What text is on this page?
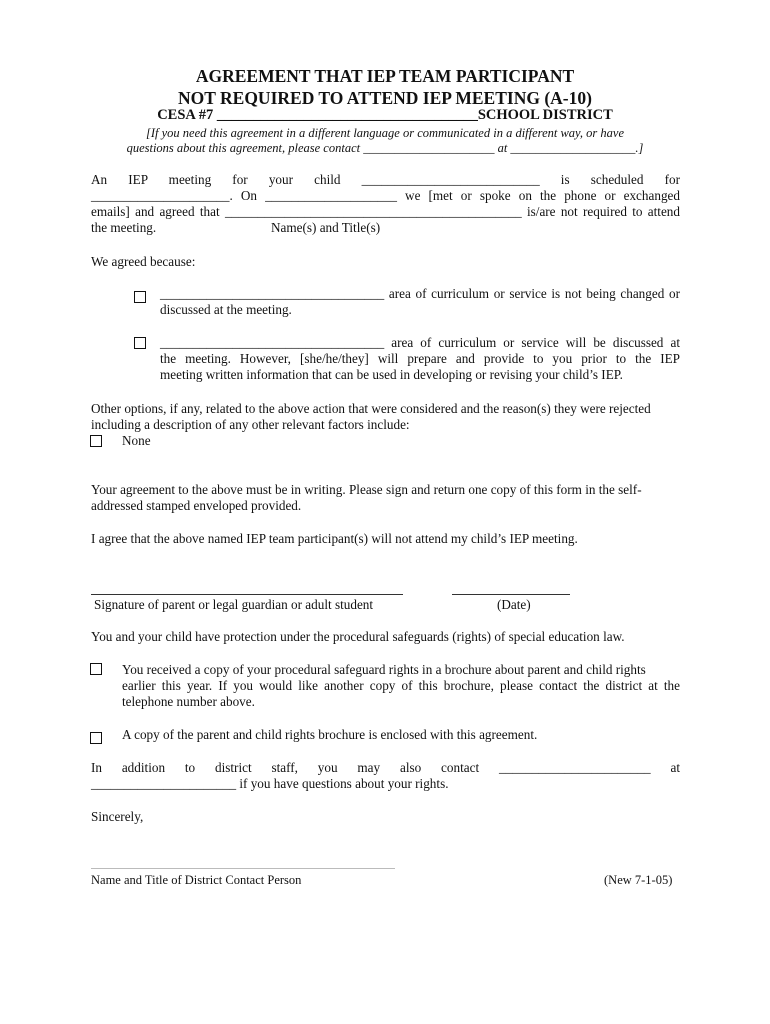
AGREEMENT THAT IEP TEAM PARTICIPANT
NOT REQUIRED TO ATTEND IEP MEETING (A-10)
CESA #7 ____________________________________SCHOOL DISTRICT
[If you need this agreement in a different language or communicated in a different way, or have
questions about this agreement, please contact _____________________ at ____________________.]
An IEP meeting for your child ___________________________ is scheduled for
_____________________. On ____________________ we [met or spoke on the phone or exchanged
emails] and agreed that _____________________________________________ is/are not required to attend
the meeting.	Name(s) and Title(s)
We agreed because:
__________________________________ area of curriculum or service is not being changed or
discussed at the meeting.
__________________________________ area of curriculum or service will be discussed at
the meeting. However, [she/he/they] will prepare and provide to you prior to the IEP
meeting written information that can be used in developing or revising your child’s IEP.
Other options, if any, related to the above action that were considered and the reason(s) they were rejected
including a description of any other relevant factors include:
None
Your agreement to the above must be in writing. Please sign and return one copy of this form in the self-
addressed stamped enveloped provided.
I agree that the above named IEP team participant(s) will not attend my child’s IEP meeting.
Signature of parent or legal guardian or adult student	(Date)
You and your child have protection under the procedural safeguards (rights) of special education law.
You received a copy of your procedural safeguard rights in a brochure about parent and child rights
earlier this year. If you would like another copy of this brochure, please contact the district at the
telephone number above.
A copy of the parent and child rights brochure is enclosed with this agreement.
In addition to district staff, you may also contact _______________________ at
______________________ if you have questions about your rights.
Sincerely,
Name and Title of District Contact Person	(New 7-1-05)
